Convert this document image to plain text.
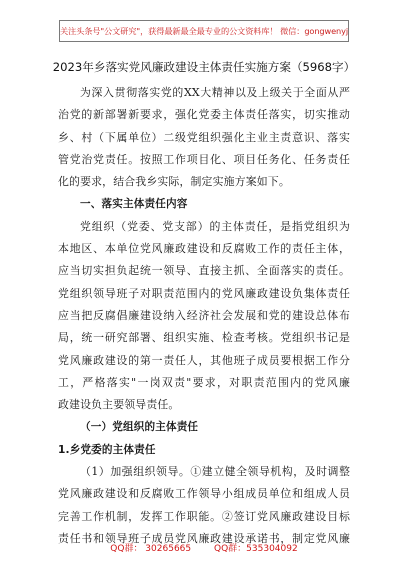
关注头条号"公文研究"，获得最新最全最专业的公文资料库！ 微信：gongwenyj
2023年乡落实党风廉政建设主体责任实施方案（5968字）
为深入贯彻落实党的XX大精神以及上级关于全面从严
治党的新部署新要求，强化党委主体责任落实，切实推动
乡、村（下属单位）二级党组织强化主业主责意识、落实
管党治党责任。按照工作项目化、项目任务化、任务责任
化的要求，结合我乡实际，制定实施方案如下。
一、落实主体责任内容
党组织（党委、党支部）的主体责任，是指党组织为
本地区、本单位党风廉政建设和反腐败工作的责任主体，
应当切实担负起统一领导、直接主抓、全面落实的责任。
党组织领导班子对职责范围内的党风廉政建设负集体责任
应当把反腐倡廉建设纳入经济社会发展和党的建设总体布
局，统一研究部署、组织实施、检查考核。党组织书记是
党风廉政建设的第一责任人，其他班子成员要根据工作分
工，严格落实"一岗双责"要求，对职责范围内的党风廉
政建设负主要领导责任。
（一）党组织的主体责任
1.乡党委的主体责任
（1）加强组织领导。①建立健全领导机构，及时调整
党风廉政建设和反腐败工作领导小组成员单位和组成人员
完善工作机制，发挥工作职能。②签订党风廉政建设目标
责任书和领导班子成员党风廉政建设承诺书，制定党风廉
QQ群： 30265665        QQ群：535304092
